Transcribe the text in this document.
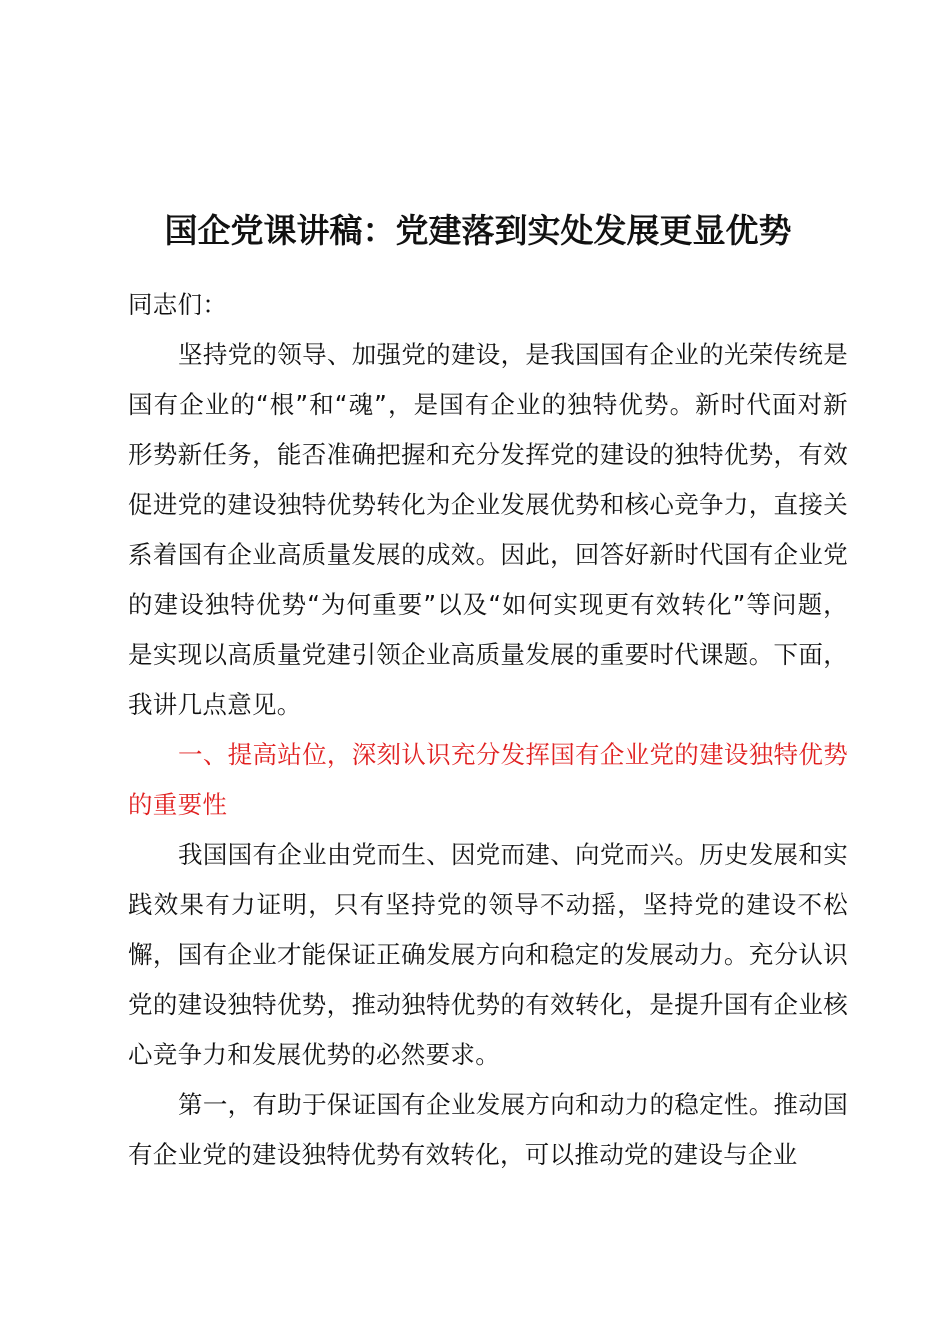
国企党课讲稿：党建落到实处发展更显优势

同志们：

坚持党的领导、加强党的建设，是我国国有企业的光荣传统是国有企业的“根”和“魂”，是国有企业的独特优势。新时代面对新形势新任务，能否准确把握和充分发挥党的建设的独特优势，有效促进党的建设独特优势转化为企业发展优势和核心竞争力，直接关系着国有企业高质量发展的成效。因此，回答好新时代国有企业党的建设独特优势“为何重要”以及“如何实现更有效转化”等问题，是实现以高质量党建引领企业高质量发展的重要时代课题。下面，我讲几点意见。

一、提高站位，深刻认识充分发挥国有企业党的建设独特优势的重要性

我国国有企业由党而生、因党而建、向党而兴。历史发展和实践效果有力证明，只有坚持党的领导不动摇，坚持党的建设不松懈，国有企业才能保证正确发展方向和稳定的发展动力。充分认识党的建设独特优势，推动独特优势的有效转化，是提升国有企业核心竞争力和发展优势的必然要求。

第一，有助于保证国有企业发展方向和动力的稳定性。推动国有企业党的建设独特优势有效转化，可以推动党的建设与企业
